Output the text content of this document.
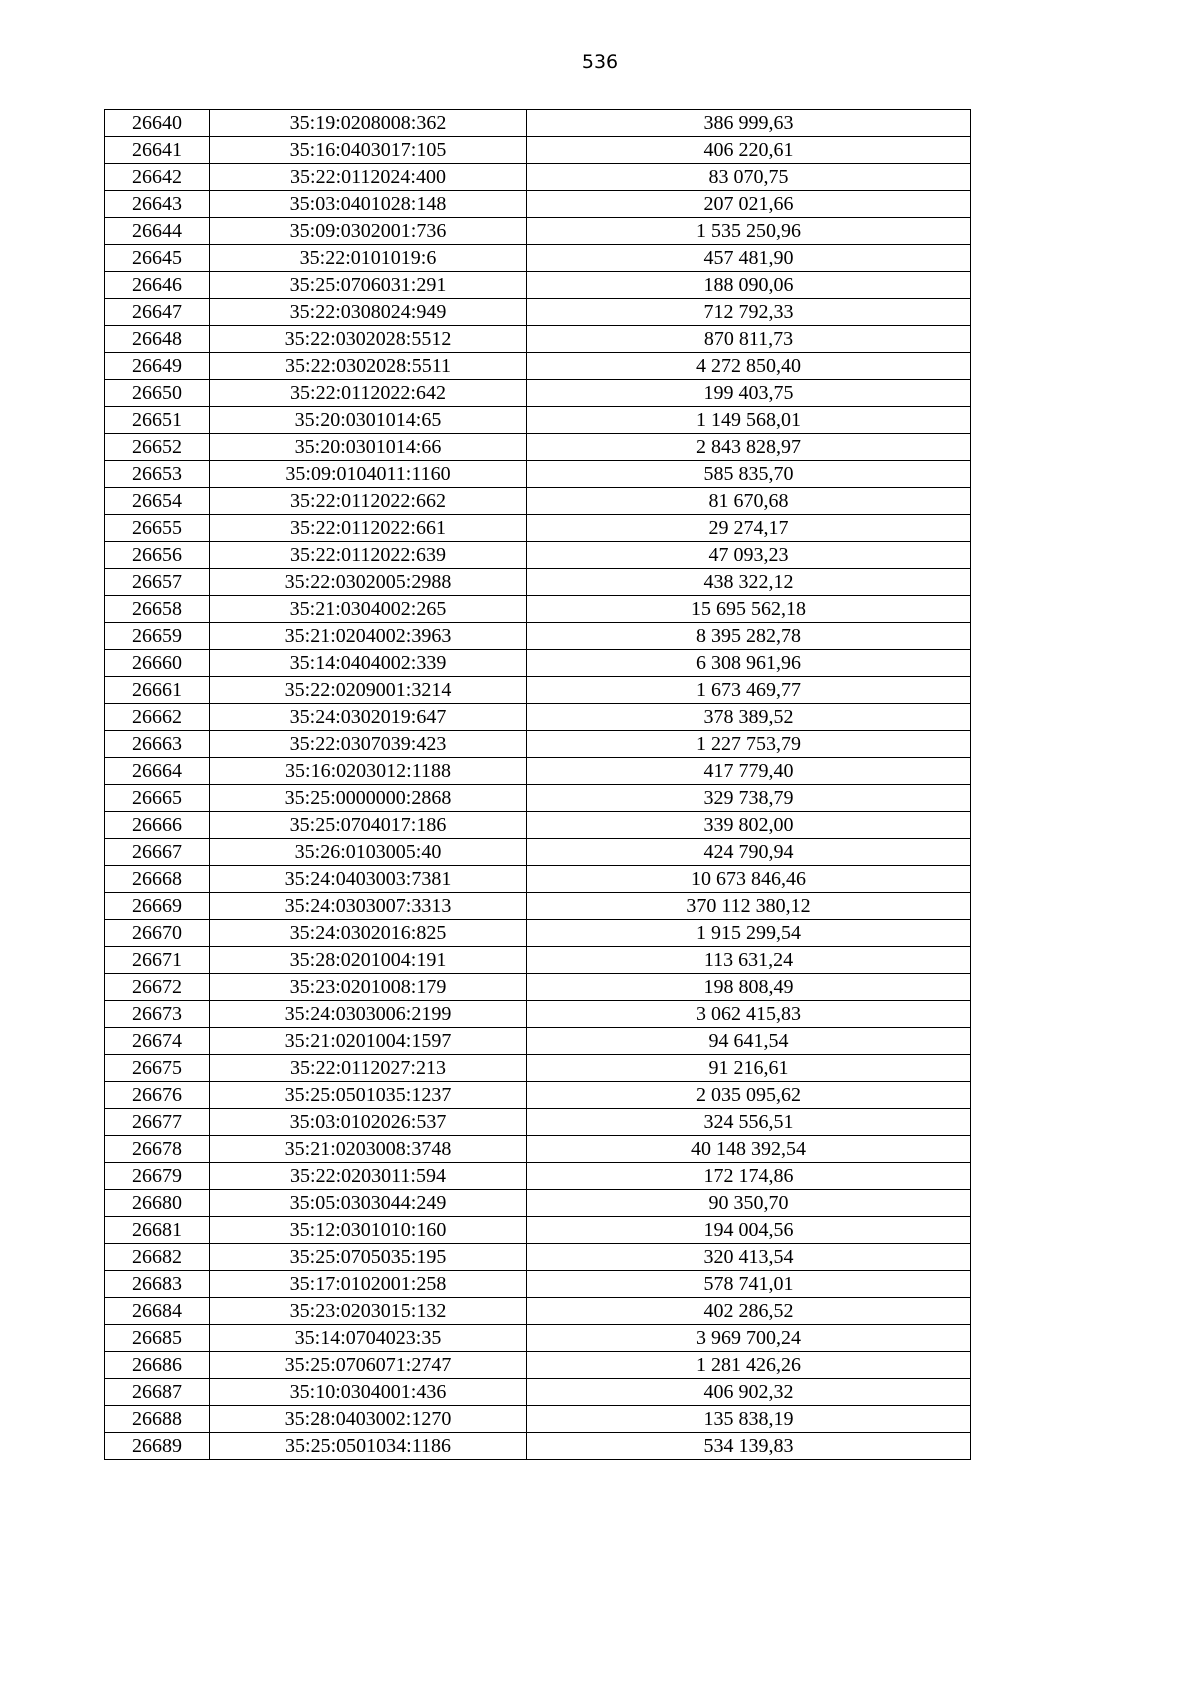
536
26640	35:19:0208008:362	386 999,63
26641	35:16:0403017:105	406 220,61
26642	35:22:0112024:400	83 070,75
26643	35:03:0401028:148	207 021,66
26644	35:09:0302001:736	1 535 250,96
26645	35:22:0101019:6	457 481,90
26646	35:25:0706031:291	188 090,06
26647	35:22:0308024:949	712 792,33
26648	35:22:0302028:5512	870 811,73
26649	35:22:0302028:5511	4 272 850,40
26650	35:22:0112022:642	199 403,75
26651	35:20:0301014:65	1 149 568,01
26652	35:20:0301014:66	2 843 828,97
26653	35:09:0104011:1160	585 835,70
26654	35:22:0112022:662	81 670,68
26655	35:22:0112022:661	29 274,17
26656	35:22:0112022:639	47 093,23
26657	35:22:0302005:2988	438 322,12
26658	35:21:0304002:265	15 695 562,18
26659	35:21:0204002:3963	8 395 282,78
26660	35:14:0404002:339	6 308 961,96
26661	35:22:0209001:3214	1 673 469,77
26662	35:24:0302019:647	378 389,52
26663	35:22:0307039:423	1 227 753,79
26664	35:16:0203012:1188	417 779,40
26665	35:25:0000000:2868	329 738,79
26666	35:25:0704017:186	339 802,00
26667	35:26:0103005:40	424 790,94
26668	35:24:0403003:7381	10 673 846,46
26669	35:24:0303007:3313	370 112 380,12
26670	35:24:0302016:825	1 915 299,54
26671	35:28:0201004:191	113 631,24
26672	35:23:0201008:179	198 808,49
26673	35:24:0303006:2199	3 062 415,83
26674	35:21:0201004:1597	94 641,54
26675	35:22:0112027:213	91 216,61
26676	35:25:0501035:1237	2 035 095,62
26677	35:03:0102026:537	324 556,51
26678	35:21:0203008:3748	40 148 392,54
26679	35:22:0203011:594	172 174,86
26680	35:05:0303044:249	90 350,70
26681	35:12:0301010:160	194 004,56
26682	35:25:0705035:195	320 413,54
26683	35:17:0102001:258	578 741,01
26684	35:23:0203015:132	402 286,52
26685	35:14:0704023:35	3 969 700,24
26686	35:25:0706071:2747	1 281 426,26
26687	35:10:0304001:436	406 902,32
26688	35:28:0403002:1270	135 838,19
26689	35:25:0501034:1186	534 139,83
